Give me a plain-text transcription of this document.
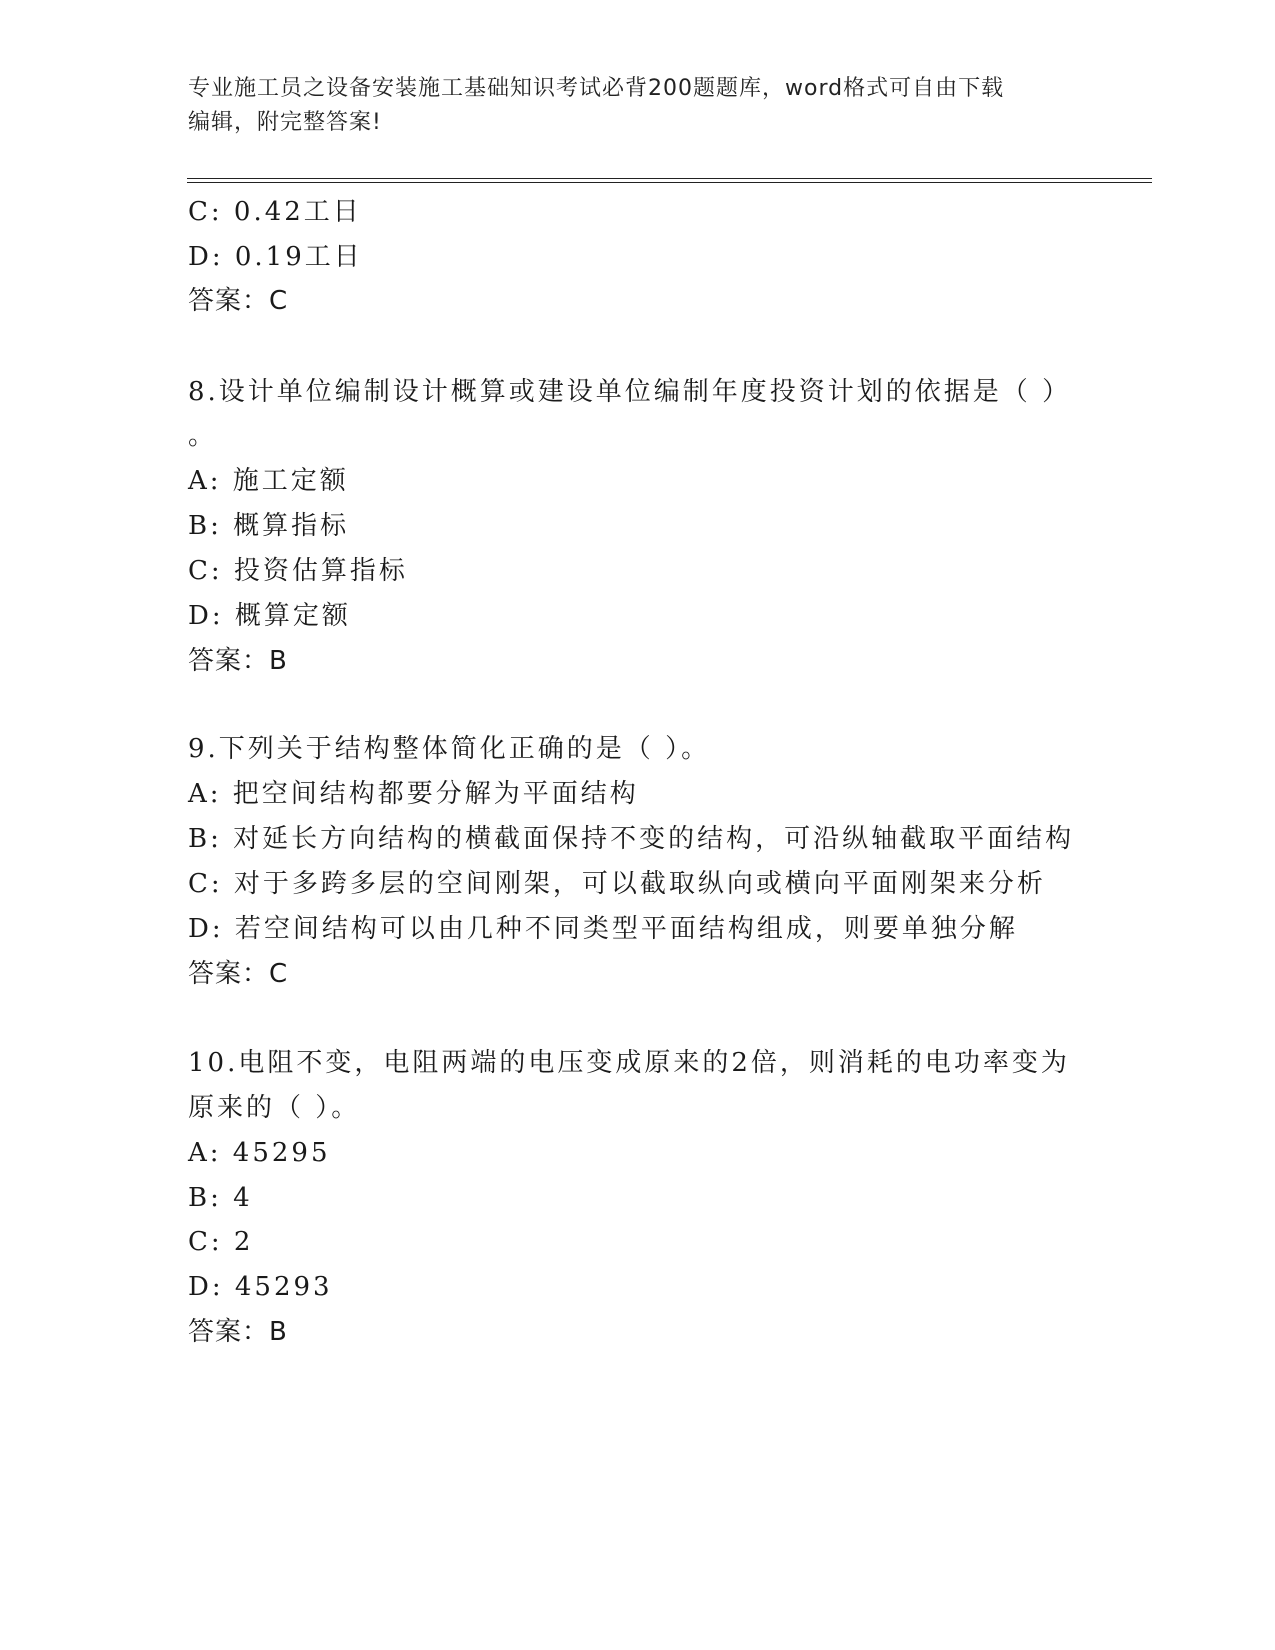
专业施工员之设备安装施工基础知识考试必背200题题库，word格式可自由下载
编辑，附完整答案!
C: 0.42工日
D: 0.19工日
答案：C
8.设计单位编制设计概算或建设单位编制年度投资计划的依据是（ ）
。
A: 施工定额
B: 概算指标
C: 投资估算指标
D: 概算定额
答案：B
9.下列关于结构整体简化正确的是（ ）。
A: 把空间结构都要分解为平面结构
B: 对延长方向结构的横截面保持不变的结构，可沿纵轴截取平面结构
C: 对于多跨多层的空间刚架，可以截取纵向或横向平面刚架来分析
D: 若空间结构可以由几种不同类型平面结构组成，则要单独分解
答案：C
10.电阻不变，电阻两端的电压变成原来的2倍，则消耗的电功率变为
原来的（ ）。
A: 45295
B: 4
C: 2
D: 45293
答案：B
